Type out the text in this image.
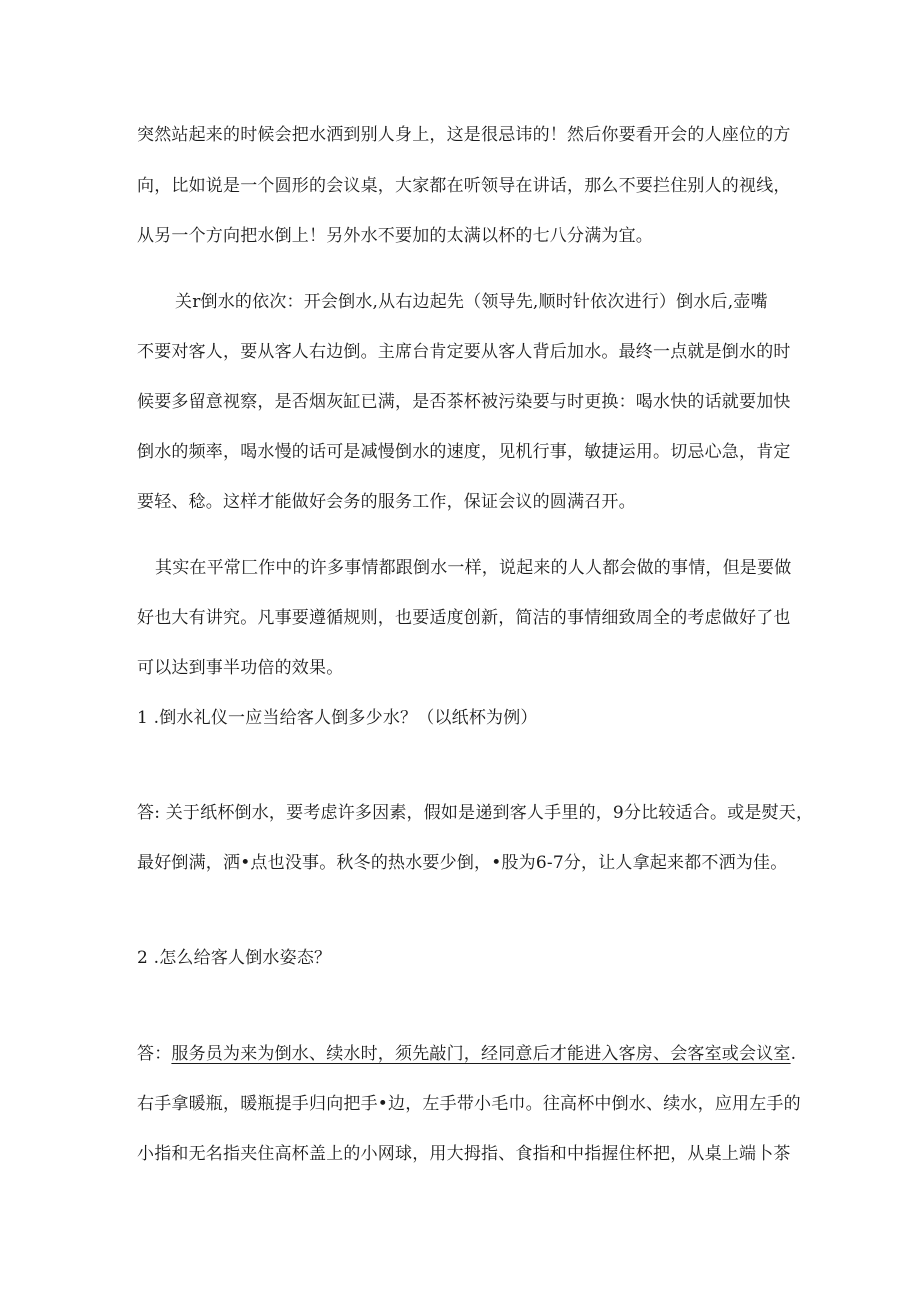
突然站起来的时候会把水洒到别人身上，这是很忌讳的！然后你要看开会的人座位的方
向，比如说是一个圆形的会议桌，大家都在听领导在讲话，那么不要拦住别人的视线，
从另一个方向把水倒上！另外水不要加的太满以杯的七八分满为宜。
关r倒水的依次：开会倒水,从右边起先（领导先,顺时针依次进行）倒水后,壶嘴
不要对客人，要从客人右边倒。主席台肯定要从客人背后加水。最终一点就是倒水的时
候要多留意视察，是否烟灰缸已满，是否茶杯被污染要与时更换：喝水快的话就要加快
倒水的频率，喝水慢的话可是减慢倒水的速度，见机行事，敏捷运用。切忌心急，肯定
要轻、稔。这样才能做好会务的服务工作，保证会议的圆满召开。
其实在平常匚作中的许多事情都跟倒水一样，说起来的人人都会做的事情，但是要做
好也大有讲究。凡事要遵循规则，也要适度创新，简洁的事情细致周全的考虑做好了也
可以达到事半功倍的效果。
1 .倒水礼仪一应当给客人倒多少水？（以纸杯为例）
答: 关于纸杯倒水，要考虑许多因素，假如是递到客人手里的，9分比较适合。或是熨天，
最好倒满，洒•点也没事。秋冬的热水要少倒，•股为6-7分，让人拿起来都不洒为佳。
2 .怎么给客人倒水姿态？
答：服务员为来为倒水、续水时，须先敲门，经同意后才能进入客房、会客室或会议室.
右手拿暖瓶，暖瓶提手归向把手•边，左手带小毛巾。往高杯中倒水、续水，应用左手的
小指和无名指夹住高杯盖上的小网球，用大拇指、食指和中指握住杯把，从桌上端卜茶
